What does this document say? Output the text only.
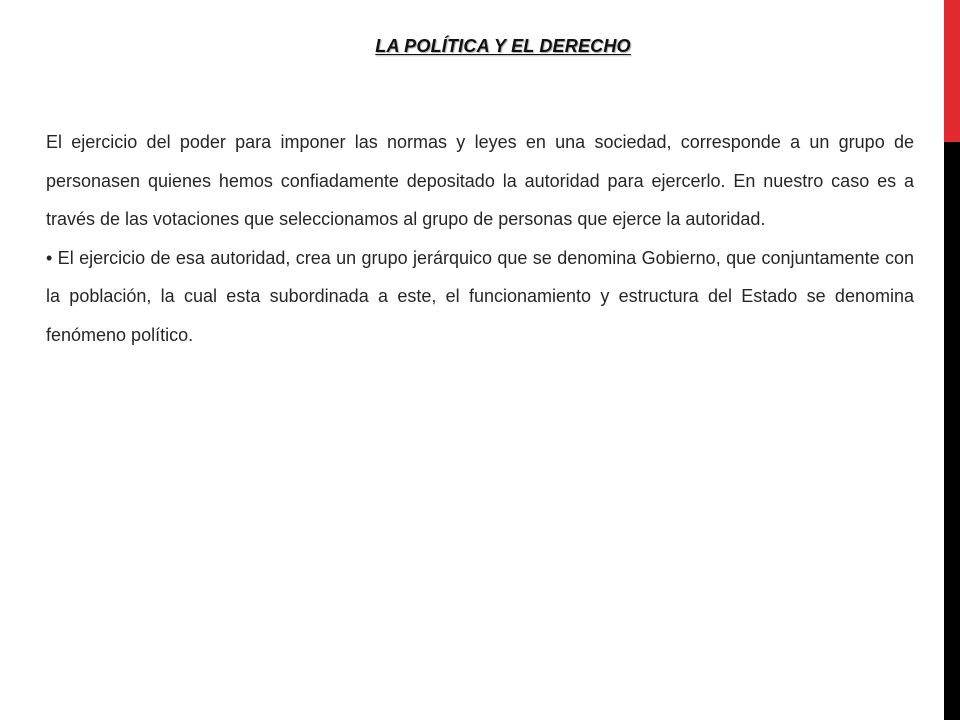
LA POLÍTICA Y EL DERECHO

El ejercicio del poder para imponer las normas y leyes en una sociedad, corresponde a un grupo de personasen quienes hemos confiadamente depositado la autoridad para ejercerlo. En nuestro caso es a través de las votaciones que seleccionamos al grupo de personas que ejerce la autoridad.

• El ejercicio de esa autoridad, crea un grupo jerárquico que se denomina Gobierno, que conjuntamente con la población, la cual esta subordinada a este, el funcionamiento y estructura del Estado se denomina fenómeno político.
